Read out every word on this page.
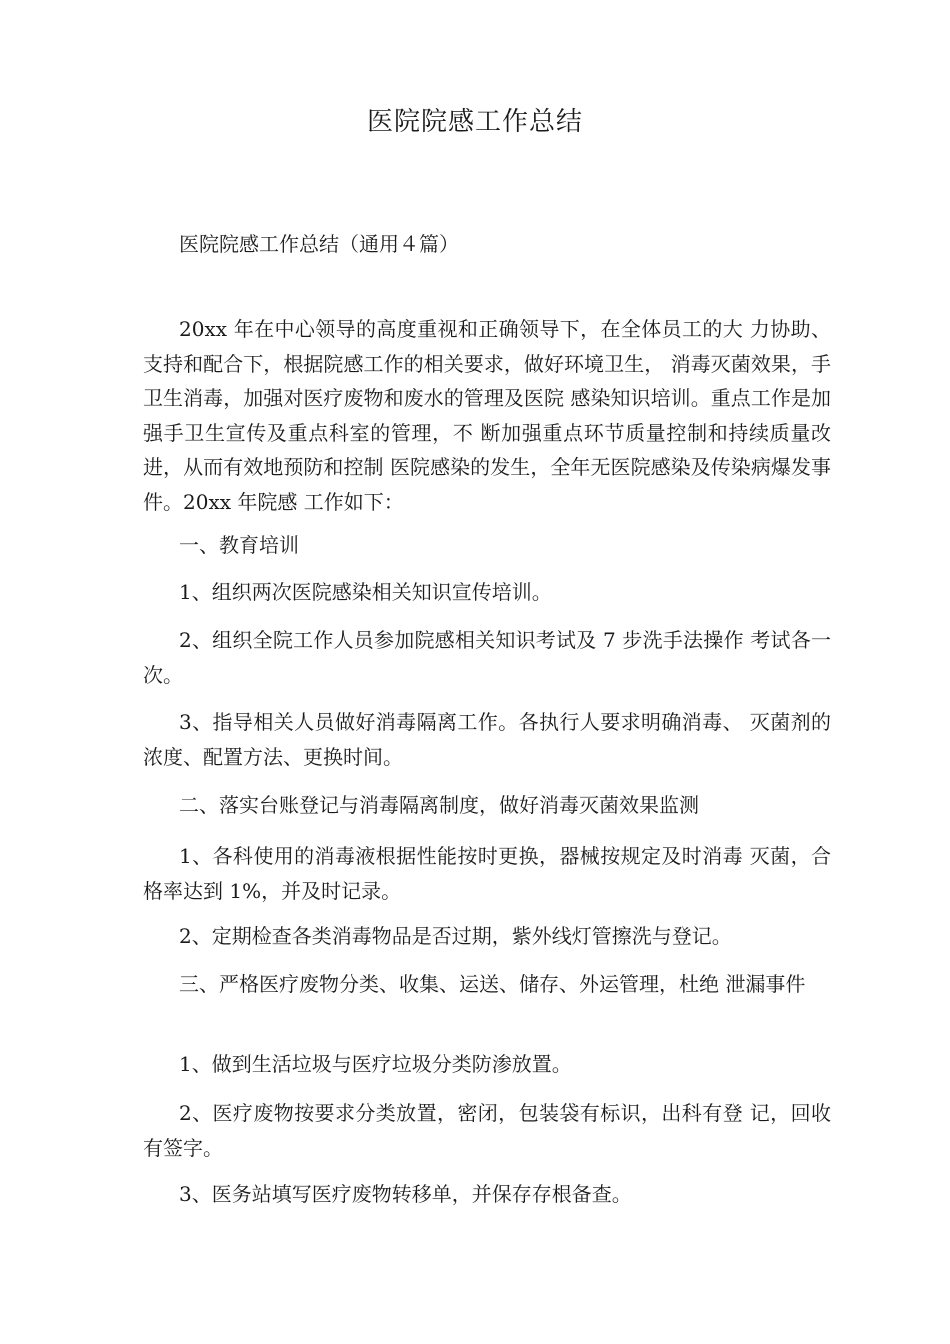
医院院感工作总结

医院院感工作总结（通用４篇）

20xx 年在中心领导的高度重视和正确领导下，在全体员工的大 力协助、支持和配合下，根据院感工作的相关要求，做好环境卫生， 消毒灭菌效果，手卫生消毒，加强对医疗废物和废水的管理及医院 感染知识培训。重点工作是加强手卫生宣传及重点科室的管理，不 断加强重点环节质量控制和持续质量改进，从而有效地预防和控制 医院感染的发生，全年无医院感染及传染病爆发事件。20xx 年院感 工作如下：

一、教育培训

1、组织两次医院感染相关知识宣传培训。

2、组织全院工作人员参加院感相关知识考试及 7 步洗手法操作 考试各一次。

3、指导相关人员做好消毒隔离工作。各执行人要求明确消毒、 灭菌剂的浓度、配置方法、更换时间。

二、落实台账登记与消毒隔离制度，做好消毒灭菌效果监测

1、各科使用的消毒液根据性能按时更换，器械按规定及时消毒 灭菌，合格率达到 1%，并及时记录。

2、定期检查各类消毒物品是否过期，紫外线灯管擦洗与登记。

三、严格医疗废物分类、收集、运送、储存、外运管理，杜绝 泄漏事件

1、做到生活垃圾与医疗垃圾分类防渗放置。

2、医疗废物按要求分类放置，密闭，包装袋有标识，出科有登 记，回收有签字。

3、医务站填写医疗废物转移单，并保存存根备查。
